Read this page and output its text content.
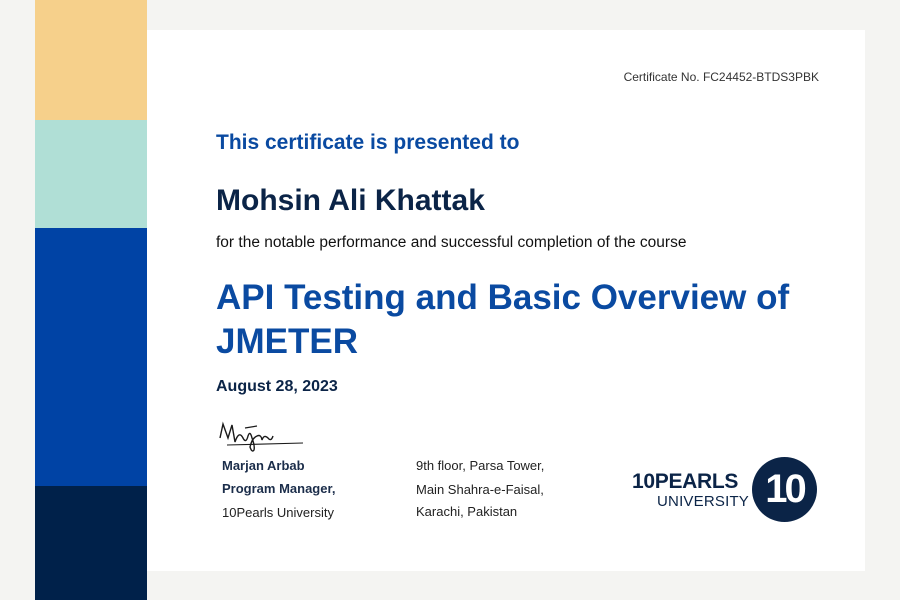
Certificate No. FC24452-BTDS3PBK
This certificate is presented to
Mohsin Ali Khattak
for the notable performance and successful completion of the course
API Testing and Basic Overview of JMETER
August 28, 2023
Marjan Arbab
Program Manager,
10Pearls University
9th floor, Parsa Tower,
Main Shahra-e-Faisal,
Karachi, Pakistan
10PEARLS
UNIVERSITY 10
